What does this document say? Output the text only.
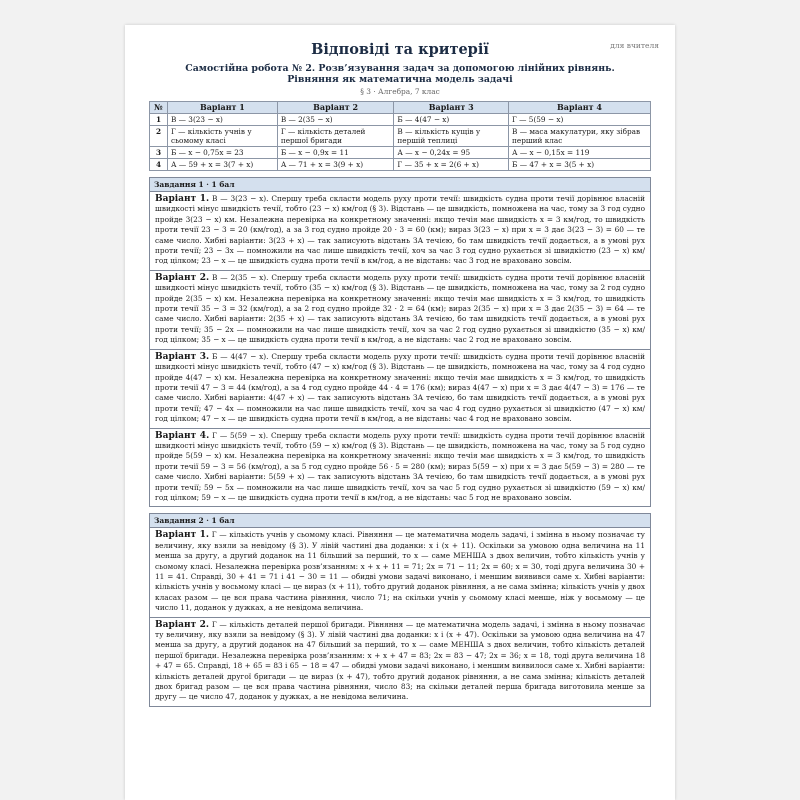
для вчителя
Відповіді та критерії
Самостійна робота № 2. Розв’язування задач за допомогою лінійних рівнянь. Рівняння як математична модель задачі
§ 3 · Алгебра, 7 клас
№	Варіант 1	Варіант 2	Варіант 3	Варіант 4
1	В — 3(23 − x)	В — 2(35 − x)	Б — 4(47 − x)	Г — 5(59 − x)
2	Г — кількість учнів у сьомому класі	Г — кількість деталей першої бригади	В — кількість кущів у першій теплиці	В — маса макулатури, яку зібрав перший клас
3	Б — x − 0,75x = 23	Б — x − 0,9x = 11	А — x − 0,24x = 95	А — x − 0,15x = 119
4	А — 59 + x = 3(7 + x)	А — 71 + x = 3(9 + x)	Г — 35 + x = 2(6 + x)	Б — 47 + x = 3(5 + x)
Завдання 1 · 1 бал
Варіант 1. В — 3(23 − x). Спершу треба скласти модель руху проти течії: швидкість судна проти течії дорівнює власній швидкості мінус швидкість течії, тобто (23 − x) км/год (§ 3). Відстань — це швидкість, помножена на час, тому за 3 год судно пройде 3(23 − x) км. Незалежна перевірка на конкретному значенні: якщо течія має швидкість x = 3 км/год, то швидкість проти течії 23 − 3 = 20 (км/год), а за 3 год судно пройде 20 · 3 = 60 (км); вираз 3(23 − x) при x = 3 дає 3(23 − 3) = 60 — те саме число. Хибні варіанти: 3(23 + x) — так записують відстань ЗА течією, бо там швидкість течії додається, а в умові рух проти течії; 23 − 3x — помножили на час лише швидкість течії, хоч за час 3 год судно рухається зі швидкістю (23 − x) км/год цілком; 23 − x — це швидкість судна проти течії в км/год, а не відстань: час 3 год не враховано зовсім.
Варіант 2. В — 2(35 − x). Спершу треба скласти модель руху проти течії: швидкість судна проти течії дорівнює власній швидкості мінус швидкість течії, тобто (35 − x) км/год (§ 3). Відстань — це швидкість, помножена на час, тому за 2 год судно пройде 2(35 − x) км. Незалежна перевірка на конкретному значенні: якщо течія має швидкість x = 3 км/год, то швидкість проти течії 35 − 3 = 32 (км/год), а за 2 год судно пройде 32 · 2 = 64 (км); вираз 2(35 − x) при x = 3 дає 2(35 − 3) = 64 — те саме число. Хибні варіанти: 2(35 + x) — так записують відстань ЗА течією, бо там швидкість течії додається, а в умові рух проти течії; 35 − 2x — помножили на час лише швидкість течії, хоч за час 2 год судно рухається зі швидкістю (35 − x) км/год цілком; 35 − x — це швидкість судна проти течії в км/год, а не відстань: час 2 год не враховано зовсім.
Варіант 3. Б — 4(47 − x). Спершу треба скласти модель руху проти течії: швидкість судна проти течії дорівнює власній швидкості мінус швидкість течії, тобто (47 − x) км/год (§ 3). Відстань — це швидкість, помножена на час, тому за 4 год судно пройде 4(47 − x) км. Незалежна перевірка на конкретному значенні: якщо течія має швидкість x = 3 км/год, то швидкість проти течії 47 − 3 = 44 (км/год), а за 4 год судно пройде 44 · 4 = 176 (км); вираз 4(47 − x) при x = 3 дає 4(47 − 3) = 176 — те саме число. Хибні варіанти: 4(47 + x) — так записують відстань ЗА течією, бо там швидкість течії додається, а в умові рух проти течії; 47 − 4x — помножили на час лише швидкість течії, хоч за час 4 год судно рухається зі швидкістю (47 − x) км/год цілком; 47 − x — це швидкість судна проти течії в км/год, а не відстань: час 4 год не враховано зовсім.
Варіант 4. Г — 5(59 − x). Спершу треба скласти модель руху проти течії: швидкість судна проти течії дорівнює власній швидкості мінус швидкість течії, тобто (59 − x) км/год (§ 3). Відстань — це швидкість, помножена на час, тому за 5 год судно пройде 5(59 − x) км. Незалежна перевірка на конкретному значенні: якщо течія має швидкість x = 3 км/год, то швидкість проти течії 59 − 3 = 56 (км/год), а за 5 год судно пройде 56 · 5 = 280 (км); вираз 5(59 − x) при x = 3 дає 5(59 − 3) = 280 — те саме число. Хибні варіанти: 5(59 + x) — так записують відстань ЗА течією, бо там швидкість течії додається, а в умові рух проти течії; 59 − 5x — помножили на час лише швидкість течії, хоч за час 5 год судно рухається зі швидкістю (59 − x) км/год цілком; 59 − x — це швидкість судна проти течії в км/год, а не відстань: час 5 год не враховано зовсім.
Завдання 2 · 1 бал
Варіант 1. Г — кількість учнів у сьомому класі. Рівняння — це математична модель задачі, і змінна в ньому позначає ту величину, яку взяли за невідому (§ 3). У лівій частині два доданки: x і (x + 11). Оскільки за умовою одна величина на 11 менша за другу, а другий доданок на 11 більший за перший, то x — саме МЕНША з двох величин, тобто кількість учнів у сьомому класі. Незалежна перевірка розв’язанням: x + x + 11 = 71; 2x = 71 − 11; 2x = 60; x = 30, тоді друга величина 30 + 11 = 41. Справді, 30 + 41 = 71 і 41 − 30 = 11 — обидві умови задачі виконано, і меншим виявився саме x. Хибні варіанти: кількість учнів у восьмому класі — це вираз (x + 11), тобто другий доданок рівняння, а не сама змінна; кількість учнів у двох класах разом — це вся права частина рівняння, число 71; на скільки учнів у сьомому класі менше, ніж у восьмому — це число 11, доданок у дужках, а не невідома величина.
Варіант 2. Г — кількість деталей першої бригади. Рівняння — це математична модель задачі, і змінна в ньому позначає ту величину, яку взяли за невідому (§ 3). У лівій частині два доданки: x і (x + 47). Оскільки за умовою одна величина на 47 менша за другу, а другий доданок на 47 більший за перший, то x — саме МЕНША з двох величин, тобто кількість деталей першої бригади. Незалежна перевірка розв’язанням: x + x + 47 = 83; 2x = 83 − 47; 2x = 36; x = 18, тоді друга величина 18 + 47 = 65. Справді, 18 + 65 = 83 і 65 − 18 = 47 — обидві умови задачі виконано, і меншим виявилося саме x. Хибні варіанти: кількість деталей другої бригади — це вираз (x + 47), тобто другий доданок рівняння, а не сама змінна; кількість деталей двох бригад разом — це вся права частина рівняння, число 83; на скільки деталей перша бригада виготовила менше за другу — це число 47, доданок у дужках, а не невідома величина.
